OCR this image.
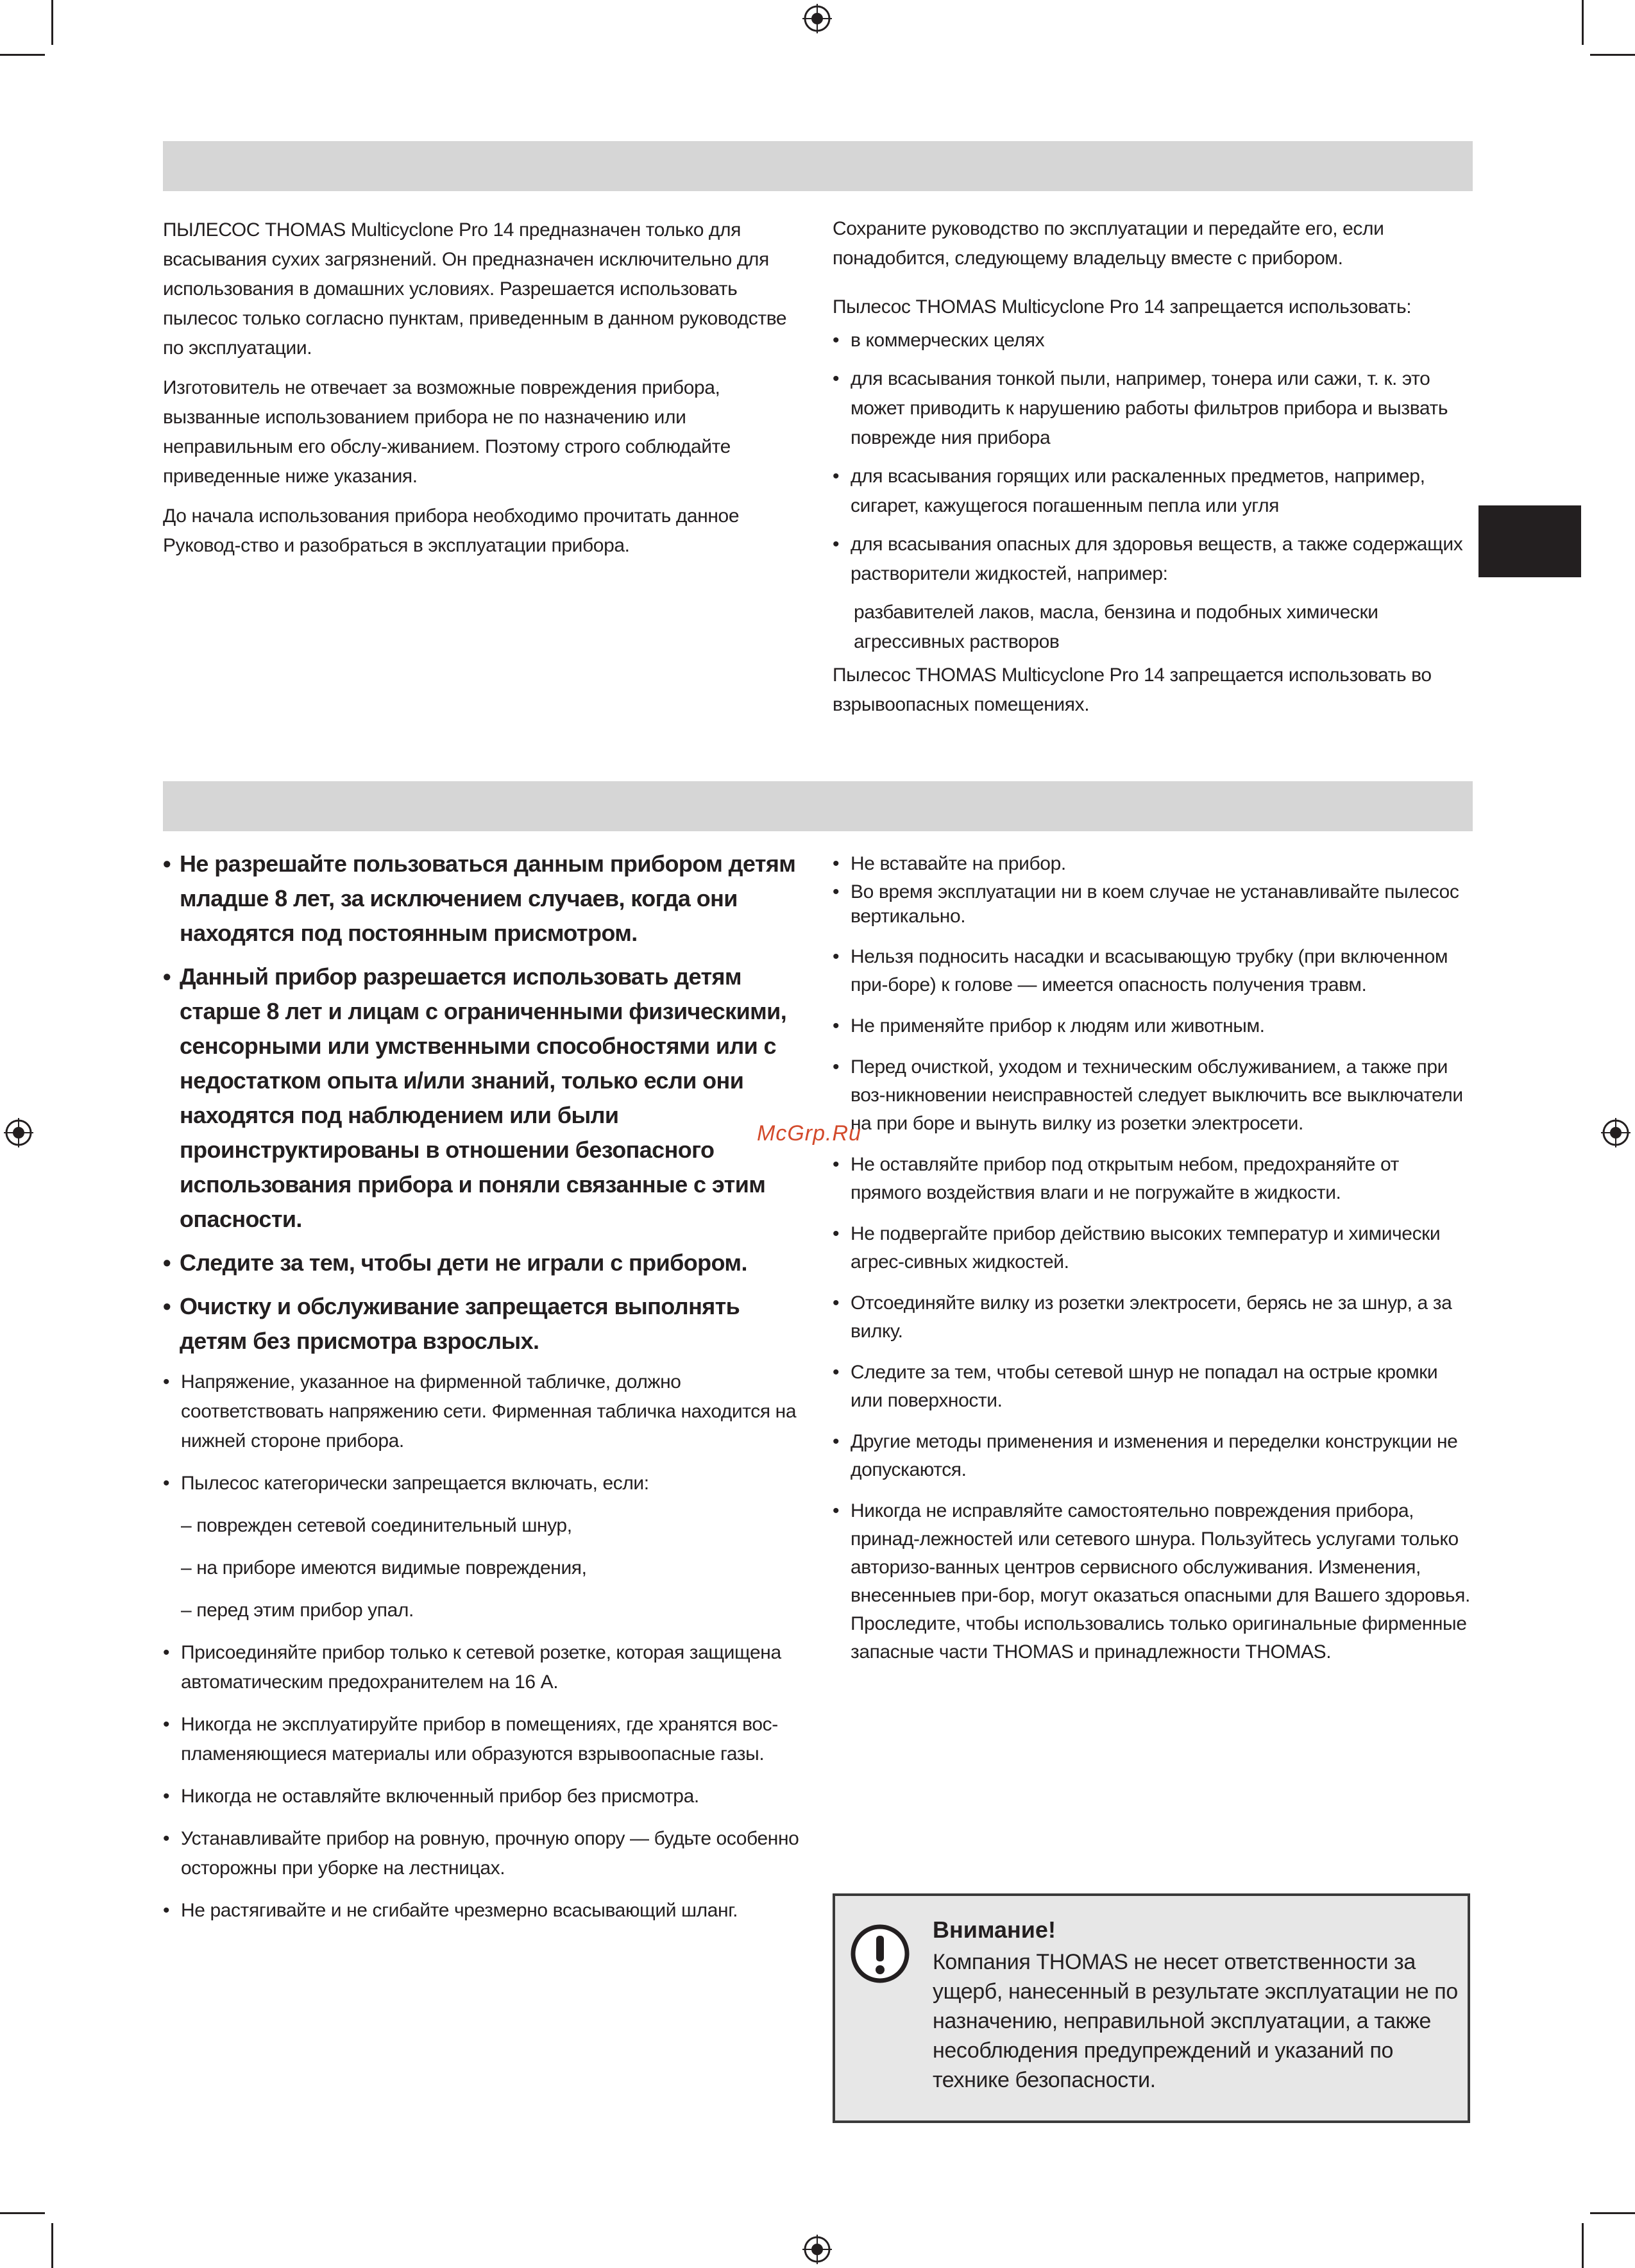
ПЫЛЕСОС THOMAS Multicyclone Pro 14 предназначен только для всасывания сухих загрязнений. Он предназначен исключительно для использования в домашних условиях. Разрешается использовать пылесос только согласно пунктам, приведенным в данном руководстве по эксплуатации.

Изготовитель не отвечает за возможные повреждения прибора, вызванные использованием прибора не по назначению или неправильным его обслу-живанием. Поэтому строго соблюдайте приведенные ниже указания.

До начала использования прибора необходимо прочитать данное Руковод-ство и разобраться в эксплуатации прибора.

Сохраните руководство по эксплуатации и передайте его, если понадобится, следующему владельцу вместе с прибором.

Пылесос THOMAS Multicyclone Pro 14 запрещается использовать:

• в коммерческих целях
• для всасывания тонкой пыли, например, тонера или сажи, т. к. это может приводить к нарушению работы фильтров прибора и вызвать поврежде ния прибора
• для всасывания горящих или раскаленных предметов, например, сигарет, кажущегося погашенным пепла или угля
• для всасывания опасных для здоровья веществ, а также содержащих растворители жидкостей, например:

разбавителей лаков, масла, бензина и подобных химически агрессивных растворов

Пылесос THOMAS Multicyclone Pro 14 запрещается использовать во взрывоопасных помещениях.

• Не разрешайте пользоваться данным прибором детям младше 8 лет, за исключением случаев, когда они находятся под постоянным присмотром.
• Данный прибор разрешается использовать детям старше 8 лет и лицам с ограниченными физическими, сенсорными или умственными способностями или с недостатком опыта и/или знаний, только если они находятся под наблюдением или были проинструктированы в отношении безопасного использования прибора и поняли связанные с этим опасности.
• Следите за тем, чтобы дети не играли с прибором.
• Очистку и обслуживание запрещается выполнять детям без присмотра взрослых.
• Напряжение, указанное на фирменной табличке, должно соответствовать напряжению сети. Фирменная табличка находится на нижней стороне прибора.
• Пылесос категорически запрещается включать, если:
– поврежден сетевой соединительный шнур,
– на приборе имеются видимые повреждения,
– перед этим прибор упал.
• Присоединяйте прибор только к сетевой розетке, которая защищена автоматическим предохранителем на 16 А.
• Никогда не эксплуатируйте прибор в помещениях, где хранятся вос-пламеняющиеся материалы или образуются взрывоопасные газы.
• Никогда не оставляйте включенный прибор без присмотра.
• Устанавливайте прибор на ровную, прочную опору — будьте особенно осторожны при уборке на лестницах.
• Не растягивайте и не сгибайте чрезмерно всасывающий шланг.
• Не вставайте на прибор.
• Во время эксплуатации ни в коем случае не устанавливайте пылесос вертикально.
• Нельзя подносить насадки и всасывающую трубку (при включенном при-боре) к голове — имеется опасность получения травм.
• Не применяйте прибор к людям или животным.
• Перед очисткой, уходом и техническим обслуживанием, а также при воз-никновении неисправностей следует выключить все выключатели на при боре и вынуть вилку из розетки электросети.
• Не оставляйте прибор под открытым небом, предохраняйте от прямого воздействия влаги и не погружайте в жидкости.
• Не подвергайте прибор действию высоких температур и химически агрес-сивных жидкостей.
• Отсоединяйте вилку из розетки электросети, берясь не за шнур, а за вилку.
• Следите за тем, чтобы сетевой шнур не попадал на острые кромки или поверхности.
• Другие методы применения и изменения и переделки конструкции не допускаются.
• Никогда не исправляйте самостоятельно повреждения прибора, принад-лежностей или сетевого шнура. Пользуйтесь услугами только авторизо-ванных центров сервисного обслуживания. Изменения, внесенныев при-бор, могут оказаться опасными для Вашего здоровья. Проследите, чтобы использовались только оригинальные фирменные запасные части THOMAS и принадлежности THOMAS.
McGrp.Ru
Внимание!
Компания THOMAS не несет ответственности за ущерб, нанесенный в результате эксплуатации не по назначению, неправильной эксплуатации, а также несоблюдения предупреждений и указаний по технике безопасности.
